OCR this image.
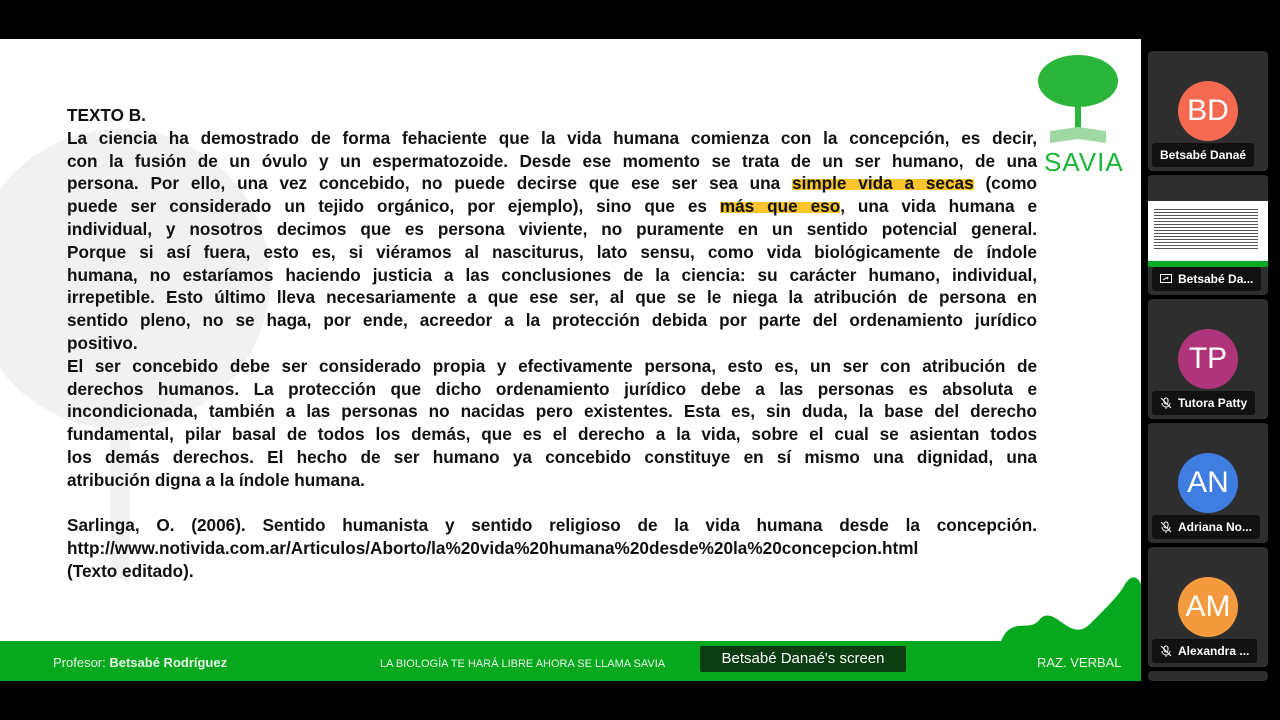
TEXTO B.
La ciencia ha demostrado de forma fehaciente que la vida humana comienza con la concepción, es decir,
con la fusión de un óvulo y un espermatozoide. Desde ese momento se trata de un ser humano, de una
persona. Por ello, una vez concebido, no puede decirse que ese ser sea una simple vida a secas (como
puede ser considerado un tejido orgánico, por ejemplo), sino que es más que eso, una vida humana e
individual, y nosotros decimos que es persona viviente, no puramente en un sentido potencial general.
Porque si así fuera, esto es, si viéramos al nasciturus, lato sensu, como vida biológicamente de índole
humana, no estaríamos haciendo justicia a las conclusiones de la ciencia: su carácter humano, individual,
irrepetible. Esto último lleva necesariamente a que ese ser, al que se le niega la atribución de persona en
sentido pleno, no se haga, por ende, acreedor a la protección debida por parte del ordenamiento jurídico
positivo.
El ser concebido debe ser considerado propia y efectivamente persona, esto es, un ser con atribución de
derechos humanos. La protección que dicho ordenamiento jurídico debe a las personas es absoluta e
incondicionada, también a las personas no nacidas pero existentes. Esta es, sin duda, la base del derecho
fundamental, pilar basal de todos los demás, que es el derecho a la vida, sobre el cual se asientan todos
los demás derechos. El hecho de ser humano ya concebido constituye en sí mismo una dignidad, una
atribución digna a la índole humana.
Sarlinga, O. (2006). Sentido humanista y sentido religioso de la vida humana desde la concepción.
http://www.notivida.com.ar/Articulos/Aborto/la%20vida%20humana%20desde%20la%20concepcion.html
(Texto editado).
SAVIA
Profesor: Betsabé Rodríguez	LA BIOLOGÍA TE HARÁ LIBRE AHORA SE LLAMA SAVIA	RAZ. VERBAL
Betsabé Danaé's screen
BD
Betsabé Danaé
Betsabé Da...
TP
Tutora Patty
AN
Adriana No...
AM
Alexandra ...
